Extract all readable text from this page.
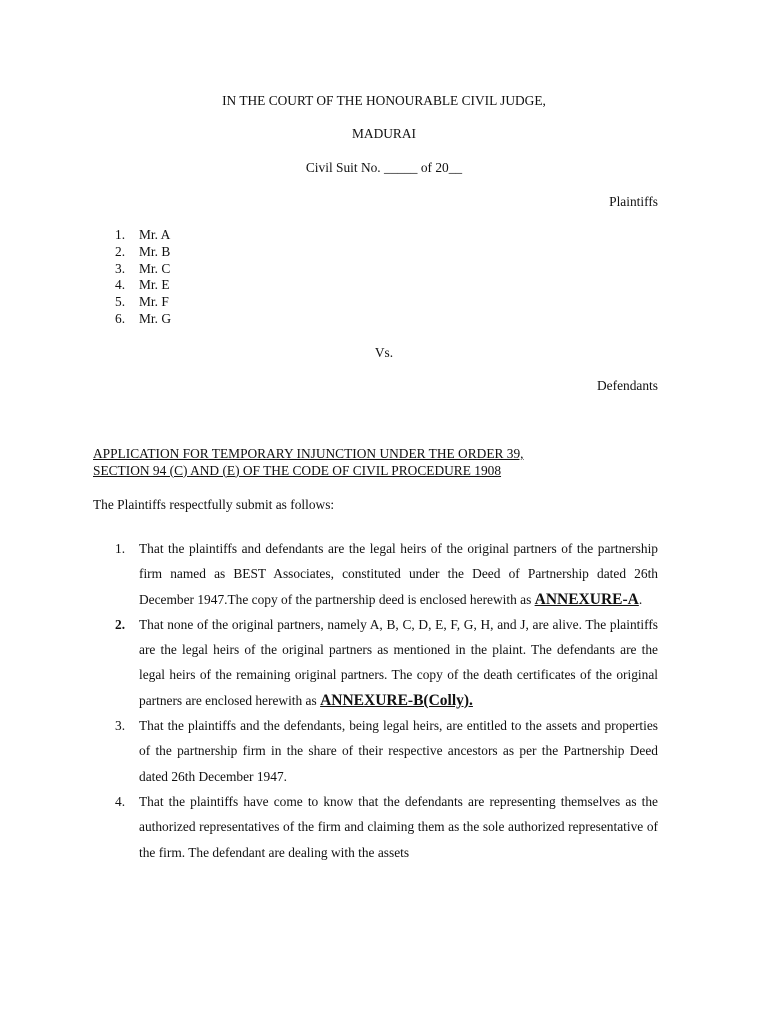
IN THE COURT OF THE HONOURABLE CIVIL JUDGE,
MADURAI
Civil Suit No. _____ of 20__
Plaintiffs
1. Mr. A
2. Mr. B
3. Mr. C
4. Mr. E
5. Mr. F
6. Mr. G
Vs.
Defendants
APPLICATION FOR TEMPORARY INJUNCTION UNDER THE ORDER 39,
SECTION 94 (C) AND (E) OF THE CODE OF CIVIL PROCEDURE 1908
The Plaintiffs respectfully submit as follows:
1. That the plaintiffs and defendants are the legal heirs of the original partners of the partnership firm named as BEST Associates, constituted under the Deed of Partnership dated 26th December 1947.The copy of the partnership deed is enclosed herewith as ANNEXURE-A.
2. That none of the original partners, namely A, B, C, D, E, F, G, H, and J, are alive. The plaintiffs are the legal heirs of the original partners as mentioned in the plaint. The defendants are the legal heirs of the remaining original partners. The copy of the death certificates of the original partners are enclosed herewith as ANNEXURE-B(Colly).
3. That the plaintiffs and the defendants, being legal heirs, are entitled to the assets and properties of the partnership firm in the share of their respective ancestors as per the Partnership Deed dated 26th December 1947.
4. That the plaintiffs have come to know that the defendants are representing themselves as the authorized representatives of the firm and claiming them as the sole authorized representative of the firm. The defendant are dealing with the assets
